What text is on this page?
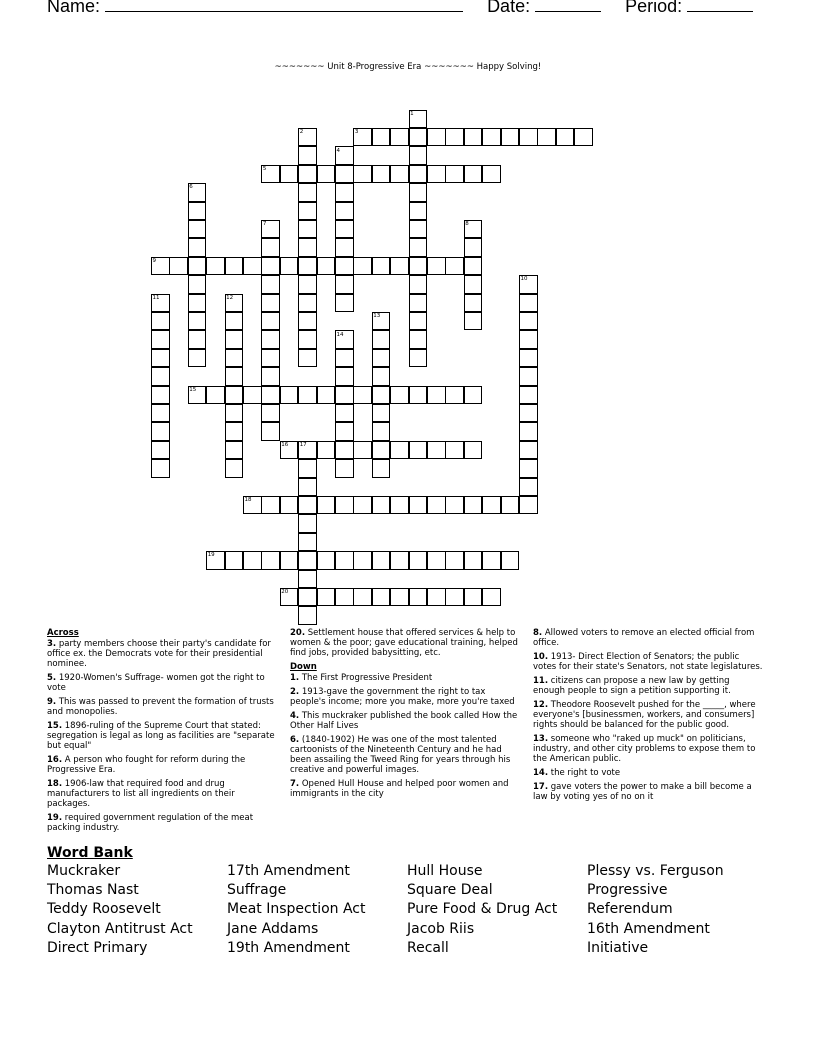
Name:	Date:	Period:
~~~~~~~ Unit 8-Progressive Era ~~~~~~~ Happy Solving!
1
2	3
4
5
6
7	8
9
10
11	12
13
14
15
16 17
18
19
20
Across
3. party members choose their party's candidate for office ex. the Democrats vote for their presidential nominee.
5. 1920-Women's Suffrage- women got the right to vote
9. This was passed to prevent the formation of trusts and monopolies.
15. 1896-ruling of the Supreme Court that stated: segregation is legal as long as facilities are "separate but equal"
16. A person who fought for reform during the Progressive Era.
18. 1906-law that required food and drug manufacturers to list all ingredients on their packages.
19. required government regulation of the meat packing industry.
20. Settlement house that offered services & help to women & the poor; gave educational training, helped find jobs, provided babysitting, etc.
Down
1. The First Progressive President
2. 1913-gave the government the right to tax people's income; more you make, more you're taxed
4. This muckraker published the book called How the Other Half Lives
6. (1840-1902) He was one of the most talented cartoonists of the Nineteenth Century and he had been assailing the Tweed Ring for years through his creative and powerful images.
7. Opened Hull House and helped poor women and immigrants in the city
8. Allowed voters to remove an elected official from office.
10. 1913- Direct Election of Senators; the public votes for their state's Senators, not state legislatures.
11. citizens can propose a new law by getting enough people to sign a petition supporting it.
12. Theodore Roosevelt pushed for the _____, where everyone's [businessmen, workers, and consumers] rights should be balanced for the public good.
13. someone who "raked up muck" on politicians, industry, and other city problems to expose them to the American public.
14. the right to vote
17. gave voters the power to make a bill become a law by voting yes of no on it
Word Bank
Muckraker	17th Amendment	Hull House	Plessy vs. Ferguson
Thomas Nast	Suffrage	Square Deal	Progressive
Teddy Roosevelt	Meat Inspection Act	Pure Food & Drug Act	Referendum
Clayton Antitrust Act	Jane Addams	Jacob Riis	16th Amendment
Direct Primary	19th Amendment	Recall	Initiative
